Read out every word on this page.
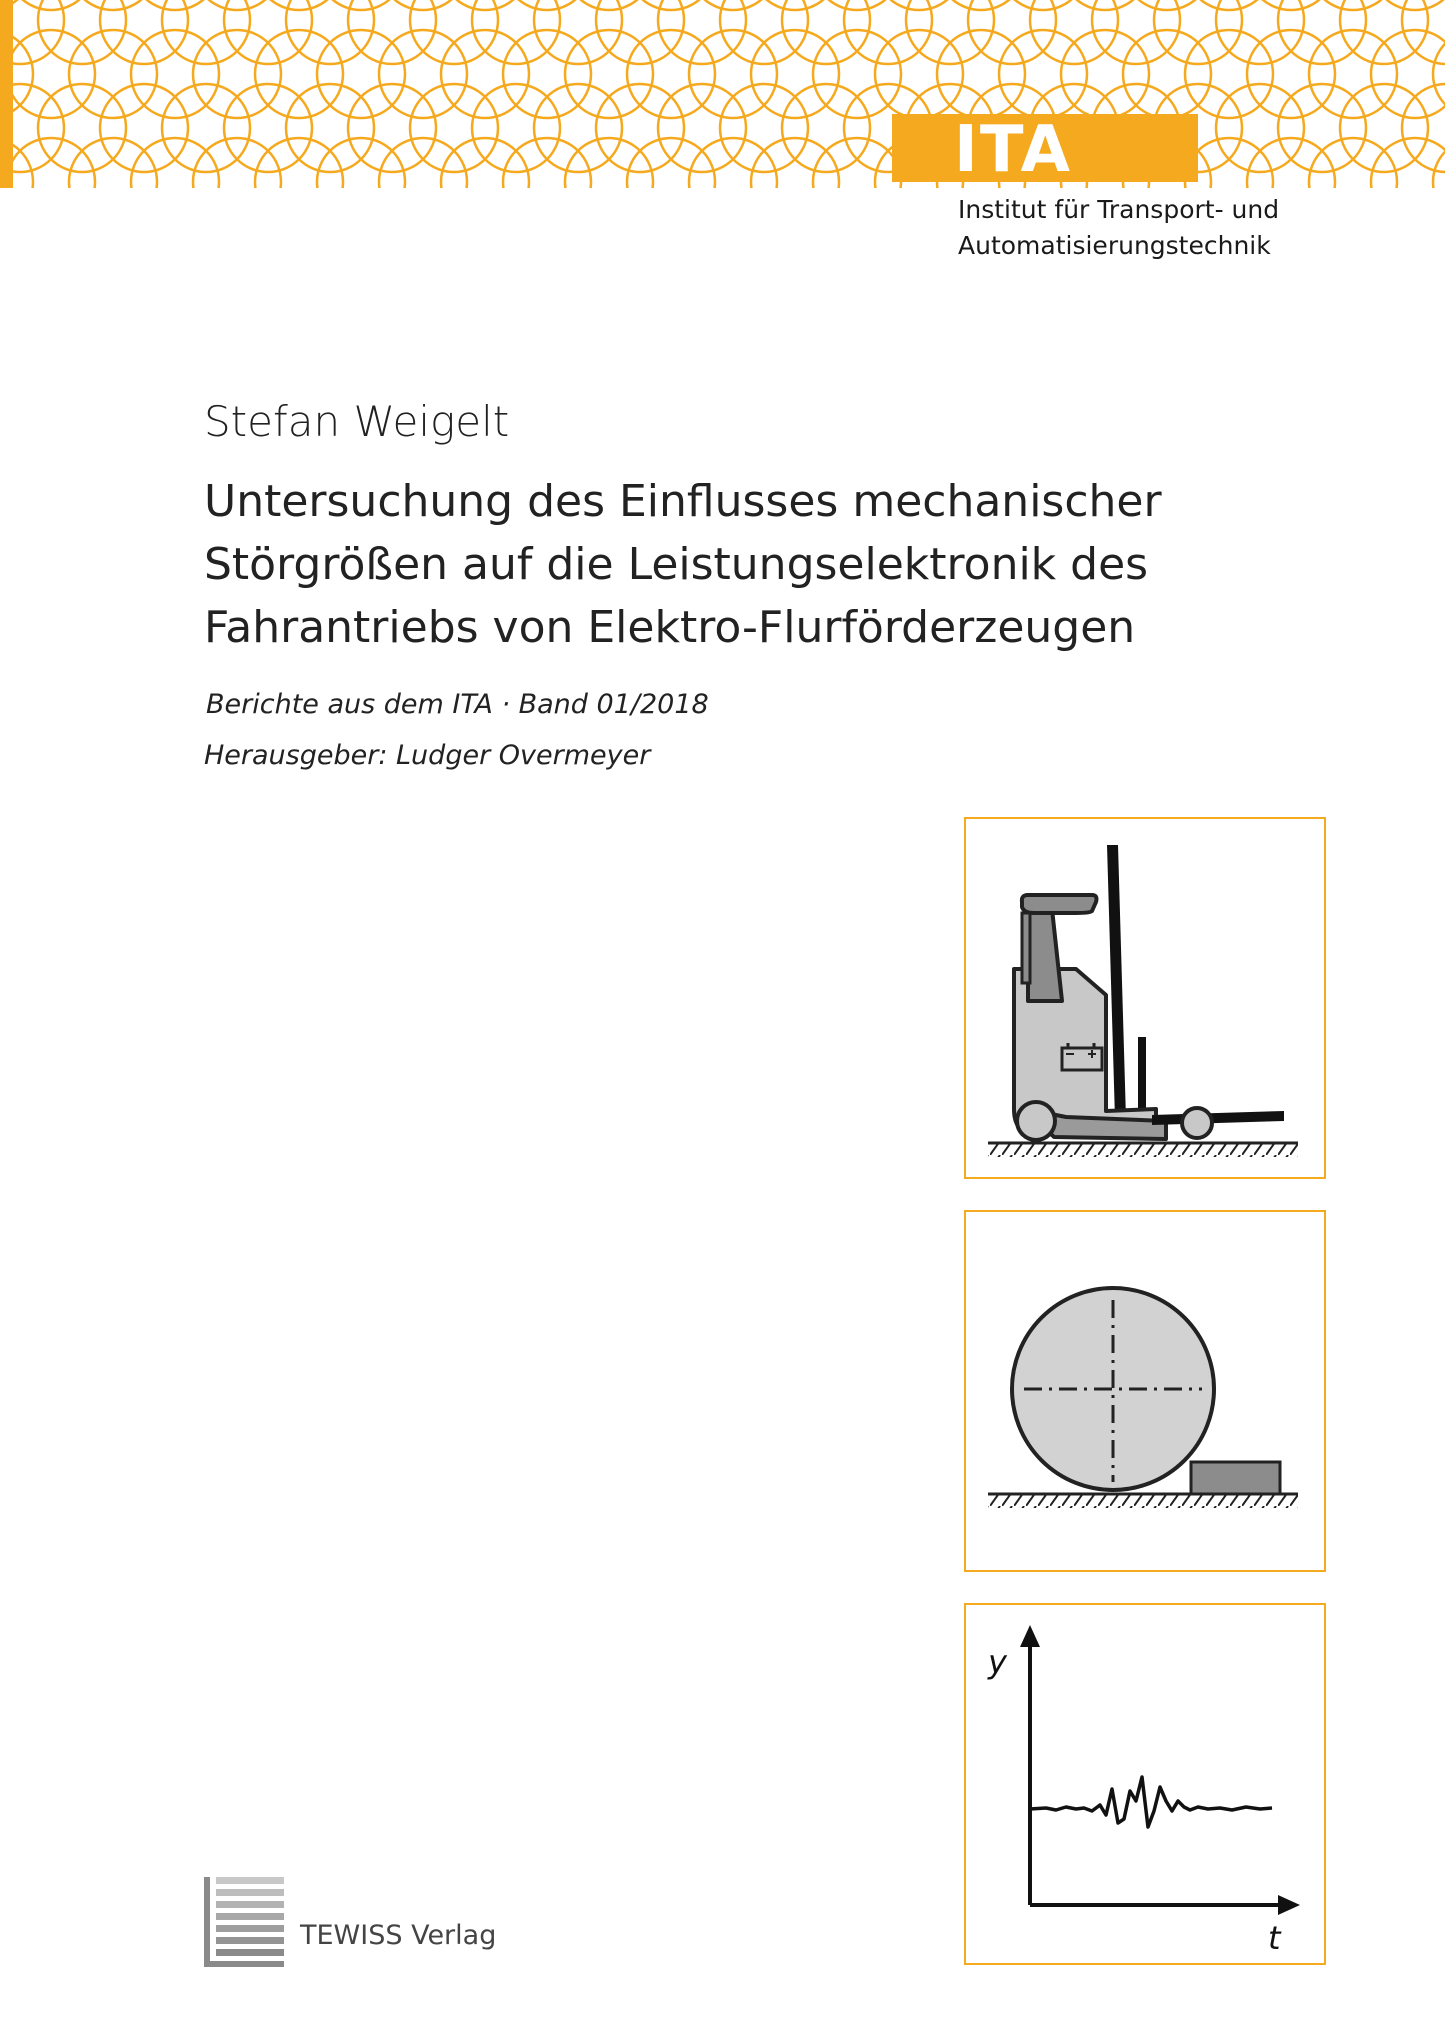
ITA
Institut für Transport- und
Automatisierungstechnik
Stefan Weigelt
Untersuchung des Einflusses mechanischer
Störgrößen auf die Leistungselektronik des
Fahrantriebs von Elektro-Flurförderzeugen
Berichte aus dem ITA · Band 01/2018
Herausgeber: Ludger Overmeyer
y
t
TEWISS Verlag
